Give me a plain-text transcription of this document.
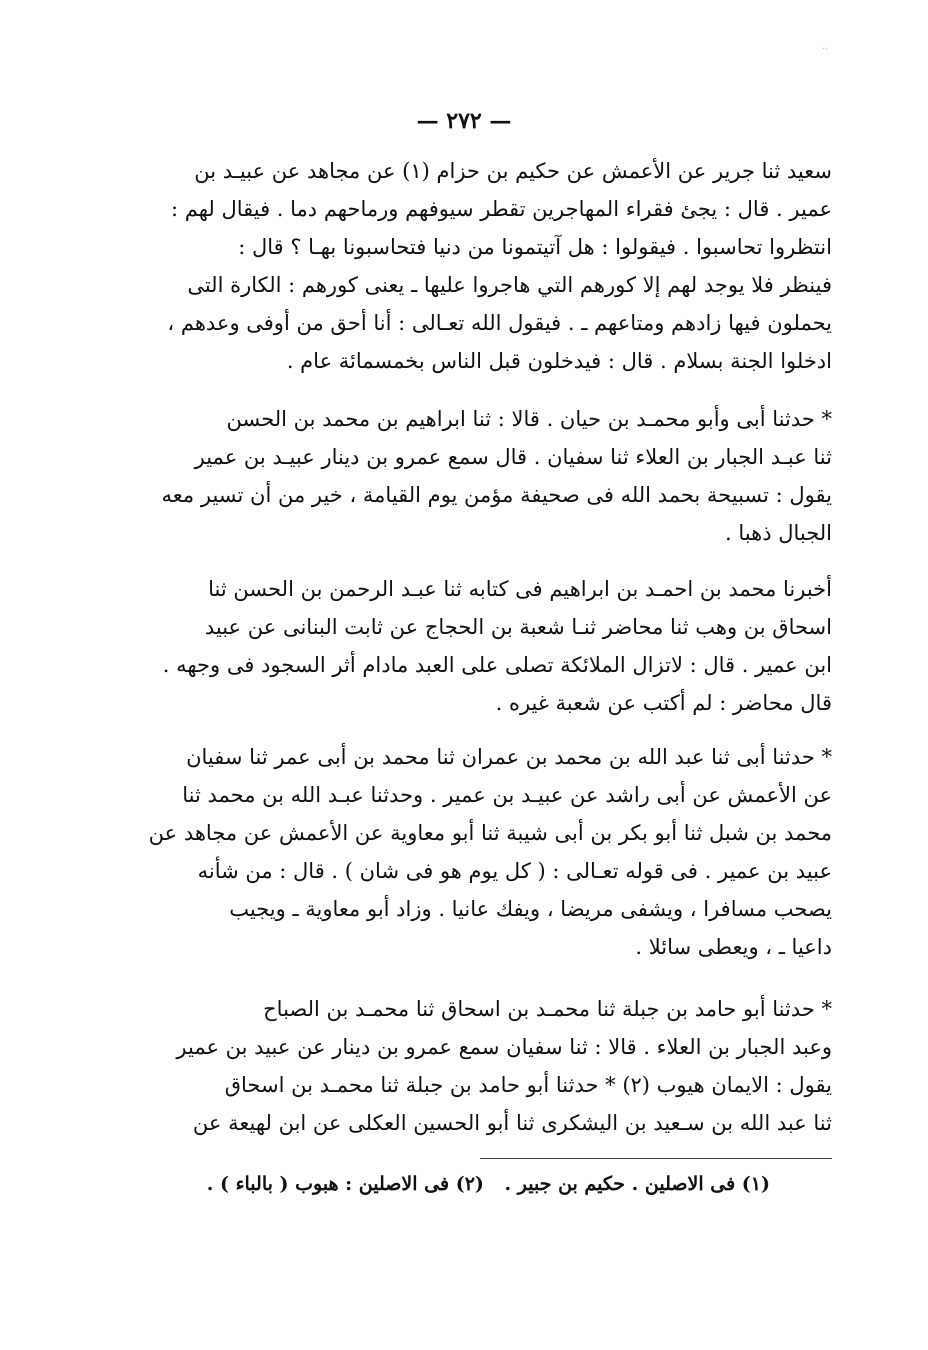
··
— ٢٧٢ —
سعيد ثنا جرير عن الأعمش عن حكيم بن حزام (١) عن مجاهد عن عبيـد بن
عمير . قال : يجئ فقراء المهاجرين تقطر سيوفهم ورماحهم دما . فيقال لهم :
انتظروا تحاسبوا . فيقولوا : هل آتيتمونا من دنيا فتحاسبونا بهـا ؟ قال :
فينظر فلا يوجد لهم إلا كورهم التي هاجروا عليها ـ يعنى كورهم : الكارة التى
يحملون فيها زادهم ومتاعهم ـ . فيقول الله تعـالى : أنا أحق من أوفى وعدهم ،
ادخلوا الجنة بسلام . قال : فيدخلون قبل الناس بخمسمائة عام .
* حدثنا أبى وأبو محمـد بن حيان . قالا : ثنا ابراهيم بن محمد بن الحسن
ثنا عبـد الجبار بن العلاء ثنا سفيان . قال سمع عمرو بن دينار عبيـد بن عمير
يقول : تسبيحة بحمد الله فى صحيفة مؤمن يوم القيامة ، خير من أن تسير معه
الجبال ذهبا .
أخبرنا محمد بن احمـد بن ابراهيم فى كتابه ثنا عبـد الرحمن بن الحسن ثنا
اسحاق بن وهب ثنا محاضر ثنـا شعبة بن الحجاج عن ثابت البنانى عن عبيد
ابن عمير . قال : لاتزال الملائكة تصلى على العبد مادام أثر السجود فى وجهه .
قال محاضر : لم أكتب عن شعبة غيره .
* حدثنا أبى ثنا عبد الله بن محمد بن عمران ثنا محمد بن أبى عمر ثنا سفيان
عن الأعمش عن أبى راشد عن عبيـد بن عمير . وحدثنا عبـد الله بن محمد ثنا
محمد بن شبل ثنا أبو بكر بن أبى شيبة ثنا أبو معاوية عن الأعمش عن مجاهد عن
عبيد بن عمير . فى قوله تعـالى : ( كل يوم هو فى شان ) . قال : من شأنه
يصحب مسافرا ، ويشفى مريضا ، ويفك عانيا . وزاد أبو معاوية ـ ويجيب
داعيا ـ ، ويعطى سائلا .
* حدثنا أبو حامد بن جبلة ثنا محمـد بن اسحاق ثنا محمـد بن الصباح
وعبد الجبار بن العلاء . قالا : ثنا سفيان سمع عمرو بن دينار عن عبيد بن عمير
يقول : الايمان هيوب (٢) * حدثنا أبو حامد بن جبلة ثنا محمـد بن اسحاق
ثنا عبد الله بن سـعيد بن اليشكرى ثنا أبو الحسين العكلى عن ابن لهيعة عن
(١) فى الاصلين . حكيم بن جبير . (٢) فى الاصلين : هبوب ( بالباء ) .
